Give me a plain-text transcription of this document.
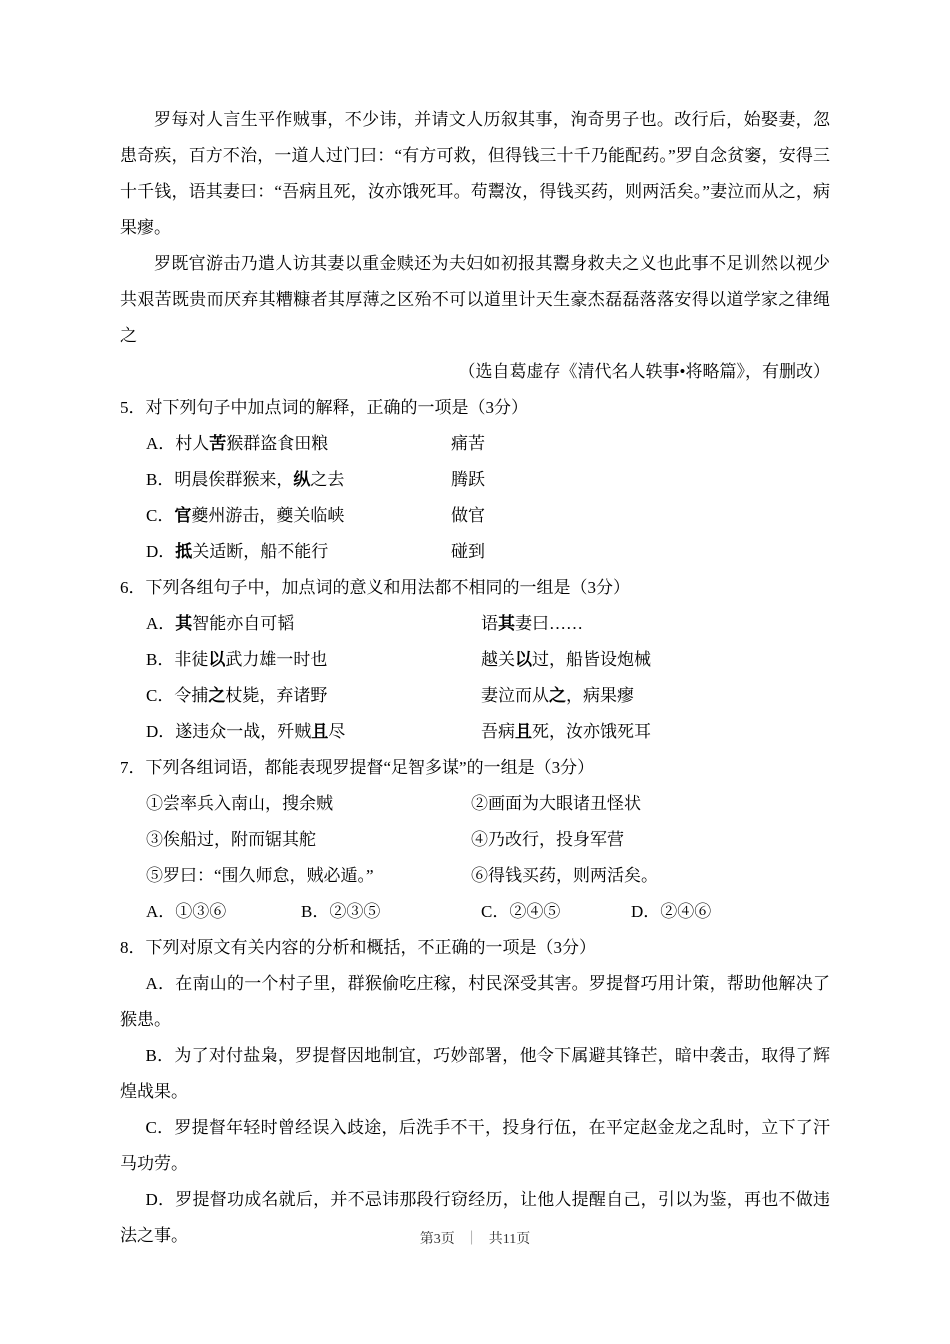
罗每对人言生平作贼事，不少讳，并请文人历叙其事，洵奇男子也。改行后，始娶妻，忽患奇疾，百方不治，一道人过门曰：“有方可救，但得钱三十千乃能配药。”罗自念贫窭，安得三十千钱，语其妻曰：“吾病且死，汝亦饿死耳。苟鬻汝，得钱买药，则两活矣。”妻泣而从之，病果瘳。

罗既官游击乃遣人访其妻以重金赎还为夫妇如初报其鬻身救夫之义也此事不足训然以视少共艰苦既贵而厌弃其糟糠者其厚薄之区殆不可以道里计天生豪杰磊磊落落安得以道学家之律绳之

（选自葛虚存《清代名人轶事•将略篇》，有删改）

5．对下列句子中加点词的解释，正确的一项是（3分）

A．村人苦猴群盗食田粮	痛苦
B．明晨俟群猴来，纵之去	腾跃
C．官夔州游击，夔关临峡	做官
D．抵关适断，船不能行	碰到

6．下列各组句子中，加点词的意义和用法都不相同的一组是（3分）

A．其智能亦自可韬	语其妻曰……
B．非徒以武力雄一时也	越关以过，船皆设炮械
C．令捕之杖毙，弃诸野	妻泣而从之，病果瘳
D．遂违众一战，歼贼且尽	吾病且死，汝亦饿死耳

7．下列各组词语，都能表现罗提督“足智多谋”的一组是（3分）

①尝率兵入南山，搜余贼	②画面为大眼诸丑怪状
③俟船过，附而锯其舵	④乃改行，投身军营
⑤罗曰：“围久师怠，贼必遁。”	⑥得钱买药，则两活矣。
A．①③⑥	B．②③⑤	C．②④⑤	D．②④⑥

8．下列对原文有关内容的分析和概括，不正确的一项是（3分）

A．在南山的一个村子里，群猴偷吃庄稼，村民深受其害。罗提督巧用计策，帮助他解决了猴患。

B．为了对付盐枭，罗提督因地制宜，巧妙部署，他令下属避其锋芒，暗中袭击，取得了辉煌战果。

C．罗提督年轻时曾经误入歧途，后洗手不干，投身行伍，在平定赵金龙之乱时，立下了汗马功劳。

D．罗提督功成名就后，并不忌讳那段行窃经历，让他人提醒自己，引以为鉴，再也不做违法之事。	第3页 ｜ 共11页
